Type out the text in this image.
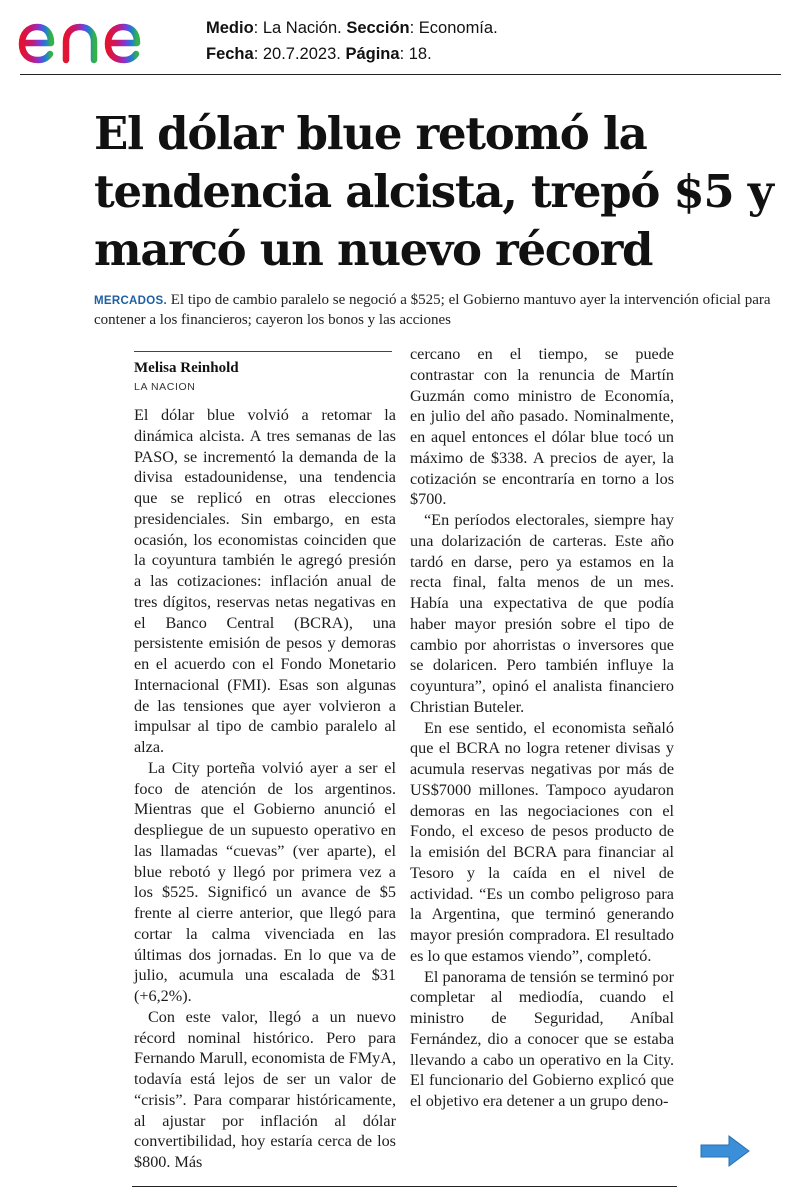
Medio: La Nación. Sección: Economía.
Fecha: 20.7.2023. Página: 18.
El dólar blue retomó la tendencia alcista, trepó $5 y marcó un nuevo récord

MERCADOS. El tipo de cambio paralelo se negoció a $525; el Gobierno mantuvo ayer la intervención oficial para contener a los financieros; cayeron los bonos y las acciones

Melisa Reinhold
LA NACION

El dólar blue volvió a retomar la dinámica alcista. A tres semanas de las PASO, se incrementó la demanda de la divisa estadounidense, una tendencia que se replicó en otras elecciones presidenciales. Sin embargo, en esta ocasión, los economistas coinciden que la coyuntura también le agregó presión a las cotizaciones: inflación anual de tres dígitos, reservas netas negativas en el Banco Central (BCRA), una persistente emisión de pesos y demoras en el acuerdo con el Fondo Monetario Internacional (FMI). Esas son algunas de las tensiones que ayer volvieron a impulsar al tipo de cambio paralelo al alza.

La City porteña volvió ayer a ser el foco de atención de los argentinos. Mientras que el Gobierno anunció el despliegue de un supuesto operativo en las llamadas “cuevas” (ver aparte), el blue rebotó y llegó por primera vez a los $525. Significó un avance de $5 frente al cierre anterior, que llegó para cortar la calma vivenciada en las últimas dos jornadas. En lo que va de julio, acumula una escalada de $31 (+6,2%).

Con este valor, llegó a un nuevo récord nominal histórico. Pero para Fernando Marull, economista de FMyA, todavía está lejos de ser un valor de “crisis”. Para comparar históricamente, al ajustar por inflación al dólar convertibilidad, hoy estaría cerca de los $800. Más

cercano en el tiempo, se puede contrastar con la renuncia de Martín Guzmán como ministro de Economía, en julio del año pasado. Nominalmente, en aquel entonces el dólar blue tocó un máximo de $338. A precios de ayer, la cotización se encontraría en torno a los $700.

“En períodos electorales, siempre hay una dolarización de carteras. Este año tardó en darse, pero ya estamos en la recta final, falta menos de un mes. Había una expectativa de que podía haber mayor presión sobre el tipo de cambio por ahorristas o inversores que se dolaricen. Pero también influye la coyuntura”, opinó el analista financiero Christian Buteler.

En ese sentido, el economista señaló que el BCRA no logra retener divisas y acumula reservas negativas por más de US$7000 millones. Tampoco ayudaron demoras en las negociaciones con el Fondo, el exceso de pesos producto de la emisión del BCRA para financiar al Tesoro y la caída en el nivel de actividad. “Es un combo peligroso para la Argentina, que terminó generando mayor presión compradora. El resultado es lo que estamos viendo”, completó.

El panorama de tensión se terminó por completar al mediodía, cuando el ministro de Seguridad, Aníbal Fernández, dio a conocer que se estaba llevando a cabo un operativo en la City. El funcionario del Gobierno explicó que el objetivo era detener a un grupo deno-
